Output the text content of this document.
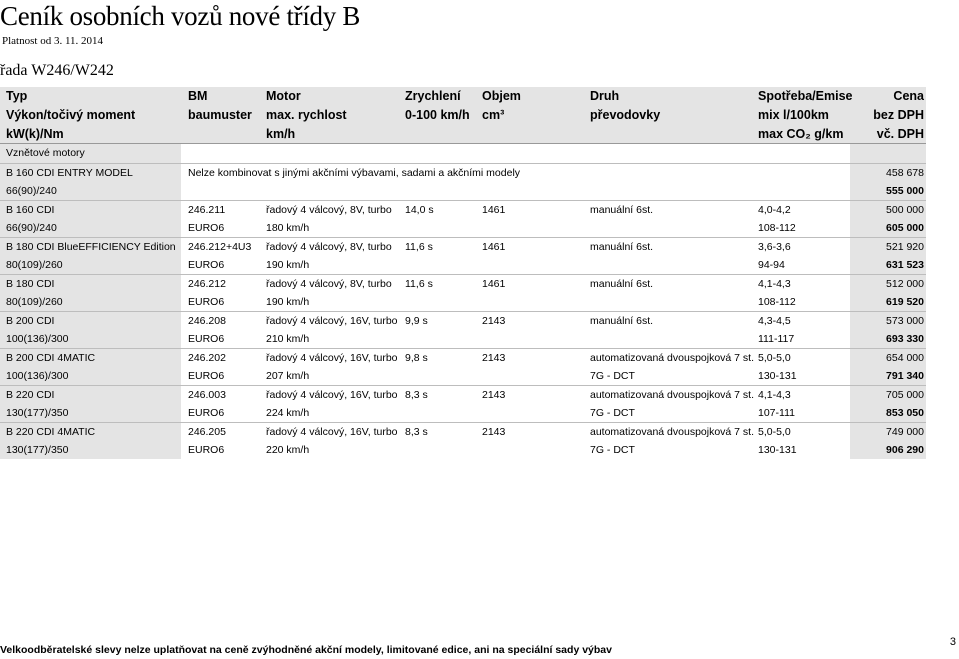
Ceník osobních vozů nové třídy B
Platnost od 3. 11. 2014
řada W246/W242
Typ	BM	Motor	Zrychlení Objem	Druh	Spotřeba/Emise	Cena
Výkon/točivý moment	baumuster max. rychlost	0-100 km/h cm³	převodovky	mix l/100km	bez DPH
kW(k)/Nm	km/h	max CO₂ g/km	vč. DPH
Vznětové motory
B 160 CDI ENTRY MODEL	Nelze kombinovat s jinými akčními výbavami, sadami a akčními modely	458 678
66(90)/240	555 000
B 160 CDI	246.211	řadový 4 válcový, 8V, turbo 14,0 s	1461	manuální 6st.	4,0-4,2	500 000
66(90)/240	EURO6	180 km/h	108-112	605 000
B 180 CDI BlueEFFICIENCY Edition	246.212+4U3 řadový 4 válcový, 8V, turbo 11,6 s	1461	manuální 6st.	3,6-3,6	521 920
80(109)/260	EURO6	190 km/h	94-94	631 523
B 180 CDI	246.212	řadový 4 válcový, 8V, turbo 11,6 s	1461	manuální 6st.	4,1-4,3	512 000
80(109)/260	EURO6	190 km/h	108-112	619 520
B 200 CDI	246.208	řadový 4 válcový, 16V, turbo 9,9 s	2143	manuální 6st.	4,3-4,5	573 000
100(136)/300	EURO6	210 km/h	111-117	693 330
B 200 CDI 4MATIC	246.202	řadový 4 válcový, 16V, turbo 9,8 s	2143	automatizovaná dvouspojková 7 st. 5,0-5,0	654 000
100(136)/300	EURO6	207 km/h	7G - DCT	130-131	791 340
B 220 CDI	246.003	řadový 4 válcový, 16V, turbo 8,3 s	2143	automatizovaná dvouspojková 7 st. 4,1-4,3	705 000
130(177)/350	EURO6	224 km/h	7G - DCT	107-111	853 050
B 220 CDI 4MATIC	246.205	řadový 4 válcový, 16V, turbo 8,3 s	2143	automatizovaná dvouspojková 7 st. 5,0-5,0	749 000
130(177)/350	EURO6	220 km/h	7G - DCT	130-131	906 290
Velkoodběratelské slevy nelze uplatňovat na ceně zvýhodněné akční modely, limitované edice, ani na speciální sady výbav
3
